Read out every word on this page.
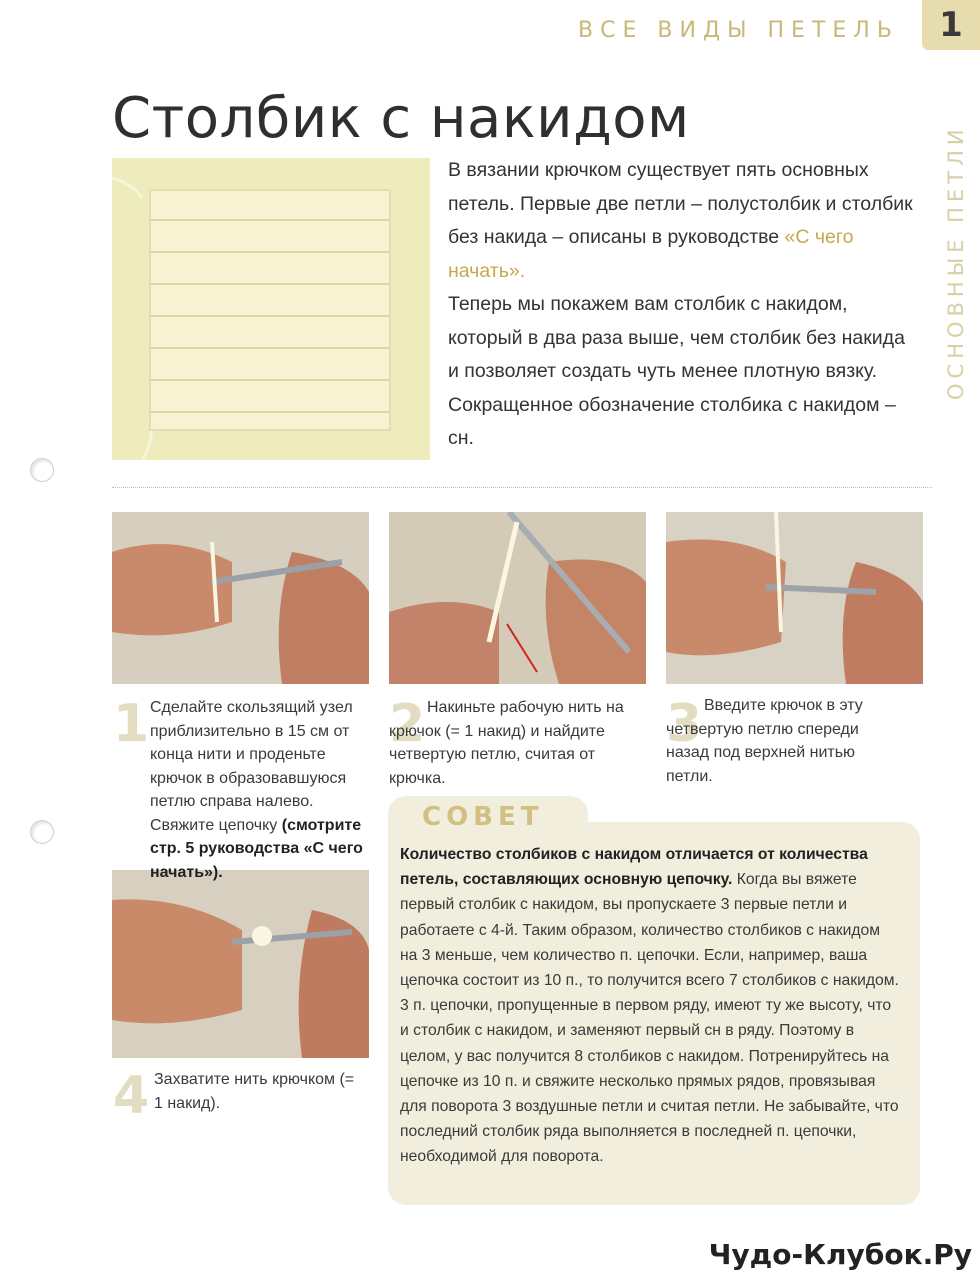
ВСЕ ВИДЫ ПЕТЕЛЬ	1
ОСНОВНЫЕ ПЕТЛИ
Столбик с накидом

В вязании крючком существует пять основных петель. Первые две петли – полустолбик и столбик без накида – описаны в руководстве «С чего начать».

Теперь мы покажем вам столбик с накидом, который в два раза выше, чем столбик без накида и позволяет создать чуть менее плотную вязку.

Сокращенное обозначение столбика с накидом – сн.

1 Сделайте скользящий узел приблизительно в 15 см от конца нити и проденьте крючок в образовавшуюся петлю справа налево. Свяжите цепочку (смотрите стр. 5 руководства «С чего начать»).
2 Накиньте рабочую нить на крючок (= 1 накид) и найдите четвертую петлю, считая от крючка.
3 Введите крючок в эту четвертую петлю спереди назад под верхней нитью петли.
4 Захватите нить крючком (= 1 накид).
СОВЕТ
Количество столбиков с накидом отличается от количества петель, составляющих основную цепочку. Когда вы вяжете первый столбик с накидом, вы пропускаете 3 первые петли и работаете с 4-й. Таким образом, количество столбиков с накидом на 3 меньше, чем количество п. цепочки. Если, например, ваша цепочка состоит из 10 п., то получится всего 7 столбиков с накидом. 3 п. цепочки, пропущенные в первом ряду, имеют ту же высоту, что и столбик с накидом, и заменяют первый сн в ряду. Поэтому в целом, у вас получится 8 столбиков с накидом. Потренируйтесь на цепочке из 10 п. и свяжите несколько прямых рядов, провязывая для поворота 3 воздушные петли и считая петли. Не забывайте, что последний столбик ряда выполняется в последней п. цепочки, необходимой для поворота.
Чудо-Клубок.Ру
